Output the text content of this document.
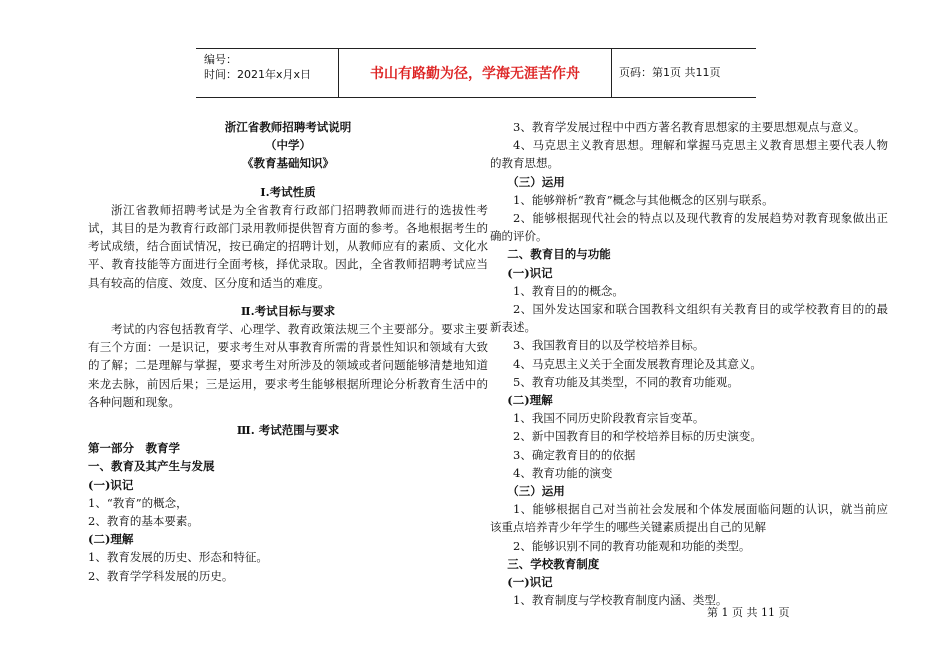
编号：
时间：2021年x月x日	书山有路勤为径，学海无涯苦作舟	页码：第1页 共11页
浙江省教师招聘考试说明
（中学）
《教育基础知识》
Ⅰ.考试性质
浙江省教师招聘考试是为全省教育行政部门招聘教师而进行的选拔性考试，其目的是为教育行政部门录用教师提供智育方面的参考。各地根据考生的考试成绩，结合面试情况，按已确定的招聘计划，从教师应有的素质、文化水平、教育技能等方面进行全面考核，择优录取。因此，全省教师招聘考试应当具有较高的信度、效度、区分度和适当的难度。
Ⅱ.考试目标与要求
考试的内容包括教育学、心理学、教育政策法规三个主要部分。要求主要有三个方面：一是识记，要求考生对从事教育所需的背景性知识和领域有大致的了解；二是理解与掌握，要求考生对所涉及的领域或者问题能够清楚地知道来龙去脉，前因后果；三是运用，要求考生能够根据所理论分析教育生活中的各种问题和现象。
Ⅲ. 考试范围与要求
第一部分　教育学
一、教育及其产生与发展
(一)识记
1、“教育”的概念，
2、教育的基本要素。
(二)理解
1、教育发展的历史、形态和特征。
2、教育学学科发展的历史。
3、教育学发展过程中中西方著名教育思想家的主要思想观点与意义。
4、马克思主义教育思想。理解和掌握马克思主义教育思想主要代表人物的教育思想。
（三）运用
1、能够辩析“教育”概念与其他概念的区别与联系。
2、能够根据现代社会的特点以及现代教育的发展趋势对教育现象做出正确的评价。
二、教育目的与功能
(一)识记
1、教育目的的概念。
2、国外发达国家和联合国教科文组织有关教育目的或学校教育目的的最新表述。
3、我国教育目的以及学校培养目标。
4、马克思主义关于全面发展教育理论及其意义。
5、教育功能及其类型，不同的教育功能观。
(二)理解
1、我国不同历史阶段教育宗旨变革。
2、新中国教育目的和学校培养目标的历史演变。
3、确定教育目的的依据
4、教育功能的演变
（三）运用
1、能够根据自己对当前社会发展和个体发展面临问题的认识，就当前应该重点培养青少年学生的哪些关键素质提出自己的见解
2、能够识别不同的教育功能观和功能的类型。
三、学校教育制度
(一)识记
1、教育制度与学校教育制度内涵、类型。
第 1 页 共 11 页
